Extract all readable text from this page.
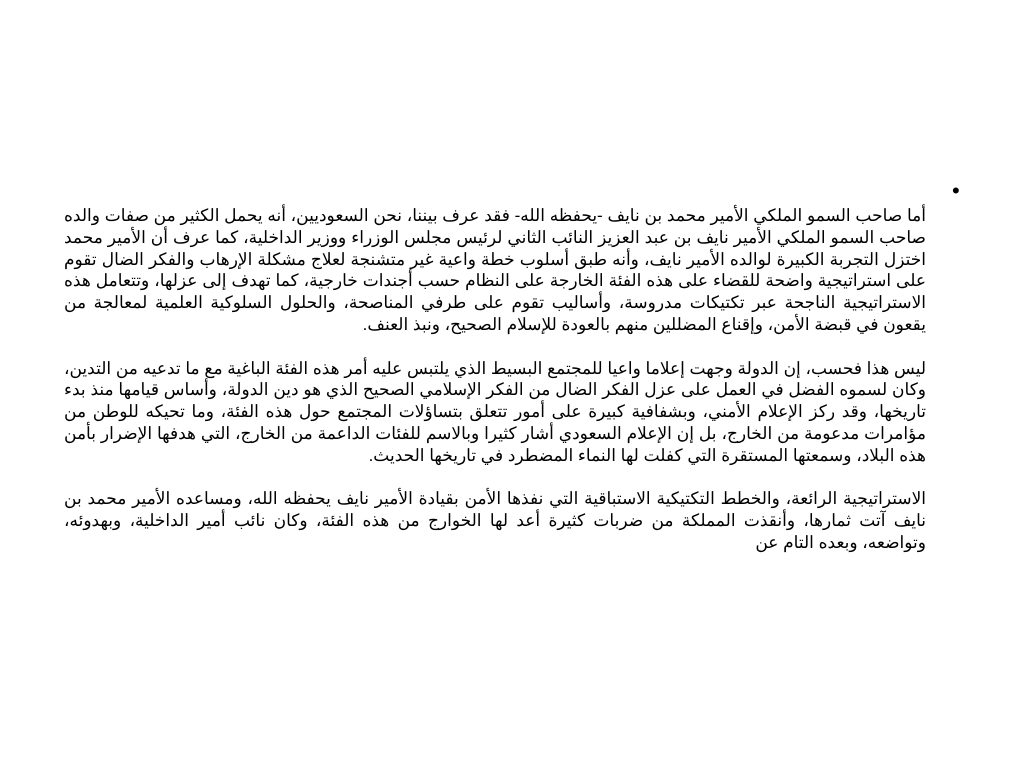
•

أما صاحب السمو الملكي الأمير محمد بن نايف -يحفظه الله- فقد عرف بيننا، نحن السعوديين، أنه يحمل الكثير من صفات والده صاحب السمو الملكي الأمير نايف بن عبد العزيز النائب الثاني لرئيس مجلس الوزراء ووزير الداخلية، كما عرف أن الأمير محمد اختزل التجربة الكبيرة لوالده الأمير نايف، وأنه طبق أسلوب خطة واعية غير متشنجة لعلاج مشكلة الإرهاب والفكر الضال تقوم على استراتيجية واضحة للقضاء على هذه الفئة الخارجة على النظام حسب أجندات خارجية، كما تهدف إلى عزلها، وتتعامل هذه الاستراتيجية الناجحة عبر تكتيكات مدروسة، وأساليب تقوم على طرفي المناصحة، والحلول السلوكية العلمية لمعالجة من يقعون في قبضة الأمن، وإقناع المضللين منهم بالعودة للإسلام الصحيح، ونبذ العنف.

ليس هذا فحسب، إن الدولة وجهت إعلاما واعيا للمجتمع البسيط الذي يلتبس عليه أمر هذه الفئة الباغية مع ما تدعيه من التدين، وكان لسموه الفضل في العمل على عزل الفكر الضال من الفكر الإسلامي الصحيح الذي هو دين الدولة، وأساس قيامها منذ بدء تاريخها، وقد ركز الإعلام الأمني، وبشفافية كبيرة على أمور تتعلق بتساؤلات المجتمع حول هذه الفئة، وما تحيكه للوطن من مؤامرات مدعومة من الخارج، بل إن الإعلام السعودي أشار كثيرا وبالاسم للفئات الداعمة من الخارج، التي هدفها الإضرار بأمن هذه البلاد، وسمعتها المستقرة التي كفلت لها النماء المضطرد في تاريخها الحديث.

الاستراتيجية الرائعة، والخطط التكتيكية الاستباقية التي نفذها الأمن بقيادة الأمير نايف يحفظه الله، ومساعده الأمير محمد بن نايف آتت ثمارها، وأنقذت المملكة من ضربات كثيرة أعد لها الخوارج من هذه الفئة، وكان نائب أمير الداخلية، وبهدوئه، وتواضعه، وبعده التام عن
